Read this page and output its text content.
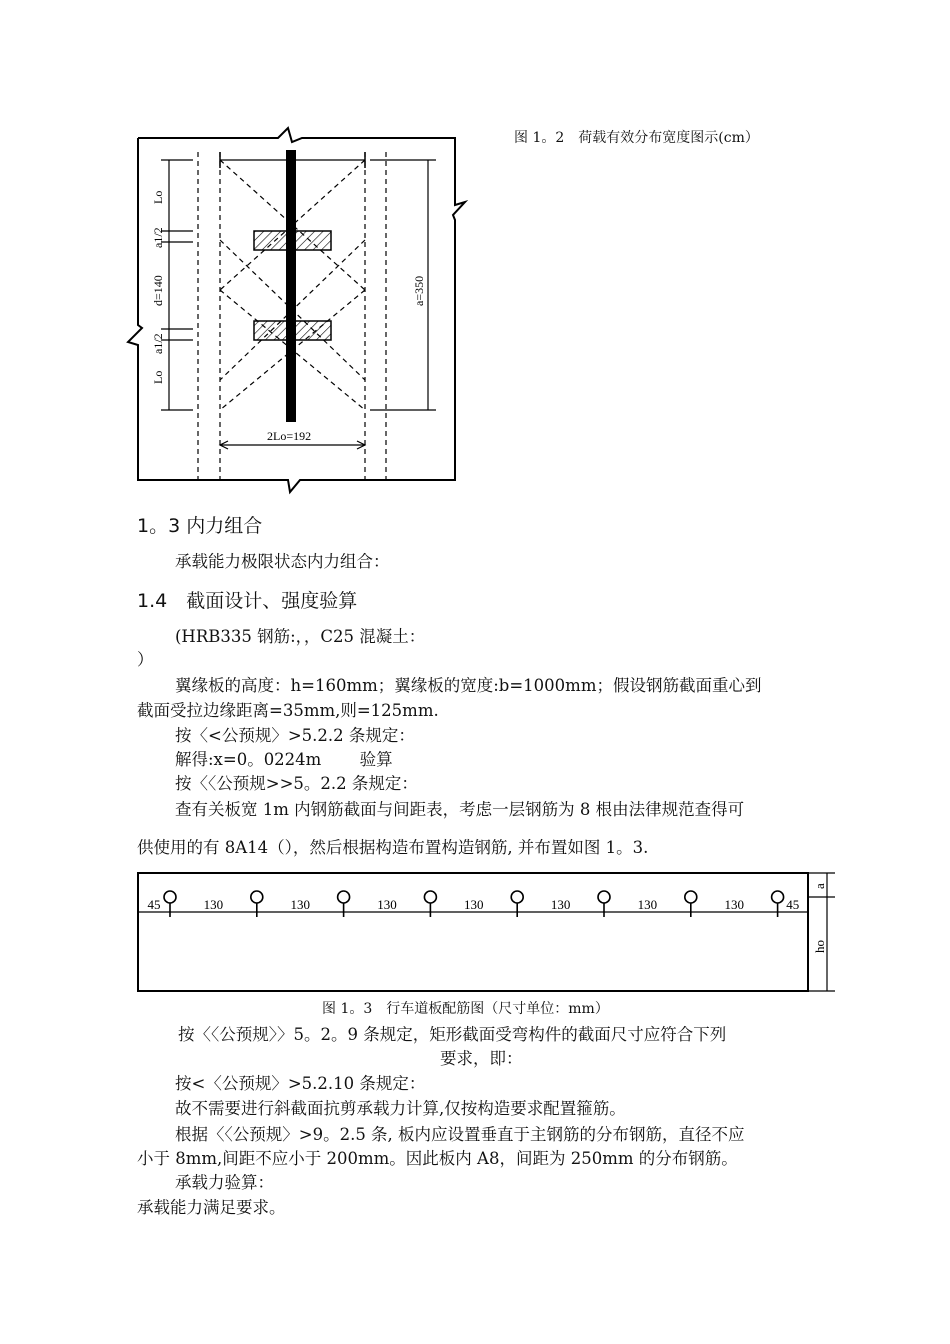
Lo
a1/2
d=140
a1/2
Lo
a=350
2Lo=192
图 1。2　荷载有效分布宽度图示(cm）
1。3 内力组合
承载能力极限状态内力组合：
1.4　截面设计、强度验算
(HRB335 钢筋:，，C25 混凝土：
）
翼缘板的高度：h=160mm；翼缘板的宽度:b=1000mm；假设钢筋截面重心到
截面受拉边缘距离=35mm,则=125mm.
按〈<公预规〉>5.2.2 条规定：
解得:x=0。0224m　　 验算
按〈〈公预规>>5。2.2 条规定：
查有关板宽 1m 内钢筋截面与间距表，考虑一层钢筋为 8 根由法律规范查得可
供使用的有 8A14（），然后根据构造布置构造钢筋, 并布置如图 1。3.
45	130	130	130	130	130	130	130	45
a
ho
图 1。3　行车道板配筋图（尺寸单位：mm）
按〈〈公预规〉〉5。2。9 条规定，矩形截面受弯构件的截面尺寸应符合下列
要求，即：
按<〈公预规〉>5.2.10 条规定：
故不需要进行斜截面抗剪承载力计算,仅按构造要求配置箍筋。
根据〈〈公预规〉>9。2.5 条, 板内应设置垂直于主钢筋的分布钢筋，直径不应
小于 8mm,间距不应小于 200mm。因此板内 A8，间距为 250mm 的分布钢筋。
承载力验算：
承载能力满足要求。
